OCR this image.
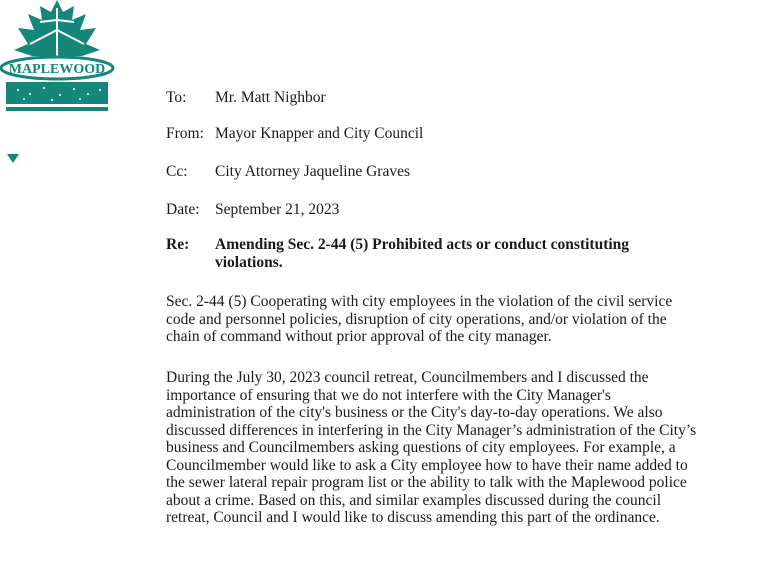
MAPLEWOOD
To:	Mr. Matt Nighbor
From: Mayor Knapper and City Council
Cc:	City Attorney Jaqueline Graves
Date: September 21, 2023
Re:	Amending Sec. 2-44 (5) Prohibited acts or conduct constituting violations.
Sec. 2-44 (5) Cooperating with city employees in the violation of the civil service code and personnel policies, disruption of city operations, and/or violation of the chain of command without prior approval of the city manager.
During the July 30, 2023 council retreat, Councilmembers and I discussed the importance of ensuring that we do not interfere with the City Manager's administration of the city's business or the City's day-to-day operations. We also discussed differences in interfering in the City Manager’s administration of the City’s business and Councilmembers asking questions of city employees. For example, a Councilmember would like to ask a City employee how to have their name added to the sewer lateral repair program list or the ability to talk with the Maplewood police about a crime. Based on this, and similar examples discussed during the council retreat, Council and I would like to discuss amending this part of the ordinance.
